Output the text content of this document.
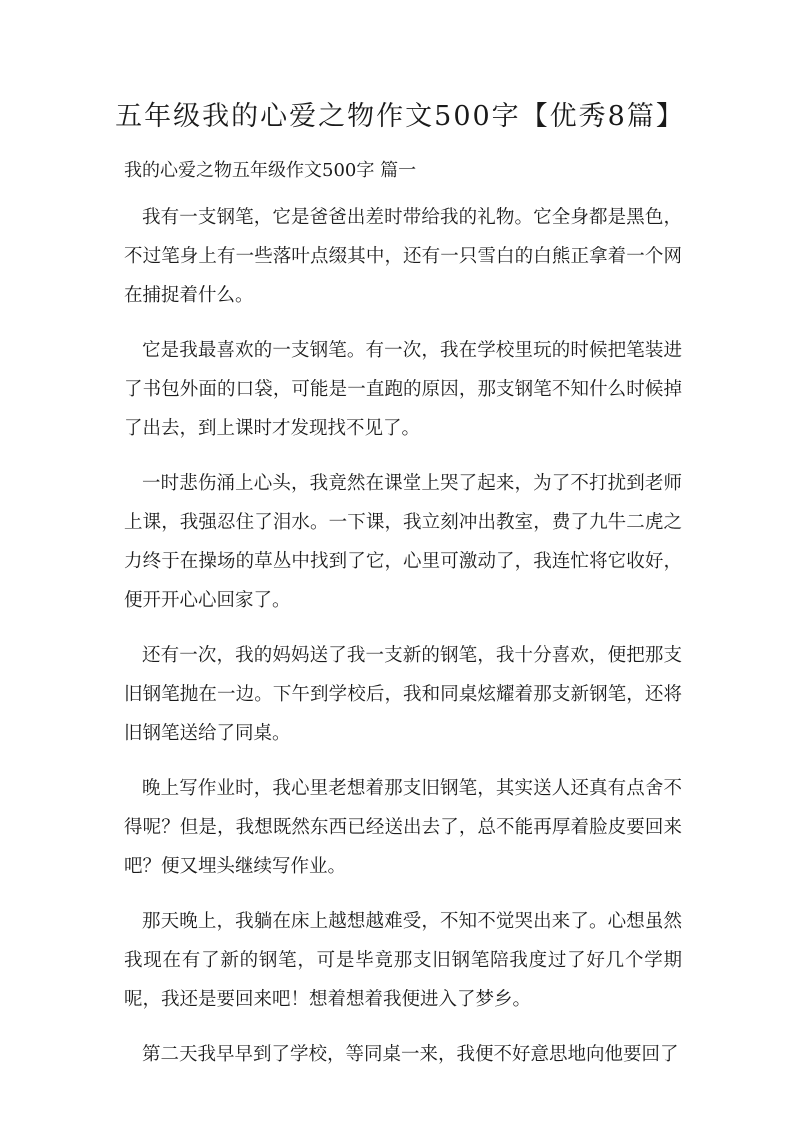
五年级我的心爱之物作文500字【优秀8篇】

我的心爱之物五年级作文500字 篇一

我有一支钢笔，它是爸爸出差时带给我的礼物。它全身都是黑色，不过笔身上有一些落叶点缀其中，还有一只雪白的白熊正拿着一个网在捕捉着什么。

它是我最喜欢的一支钢笔。有一次，我在学校里玩的时候把笔装进了书包外面的口袋，可能是一直跑的原因，那支钢笔不知什么时候掉了出去，到上课时才发现找不见了。

一时悲伤涌上心头，我竟然在课堂上哭了起来，为了不打扰到老师上课，我强忍住了泪水。一下课，我立刻冲出教室，费了九牛二虎之力终于在操场的草丛中找到了它，心里可激动了，我连忙将它收好，便开开心心回家了。

还有一次，我的妈妈送了我一支新的钢笔，我十分喜欢，便把那支旧钢笔抛在一边。下午到学校后，我和同桌炫耀着那支新钢笔，还将旧钢笔送给了同桌。

晚上写作业时，我心里老想着那支旧钢笔，其实送人还真有点舍不得呢？但是，我想既然东西已经送出去了，总不能再厚着脸皮要回来吧？便又埋头继续写作业。

那天晚上，我躺在床上越想越难受，不知不觉哭出来了。心想虽然我现在有了新的钢笔，可是毕竟那支旧钢笔陪我度过了好几个学期呢，我还是要回来吧！想着想着我便进入了梦乡。

第二天我早早到了学校，等同桌一来，我便不好意思地向他要回了
